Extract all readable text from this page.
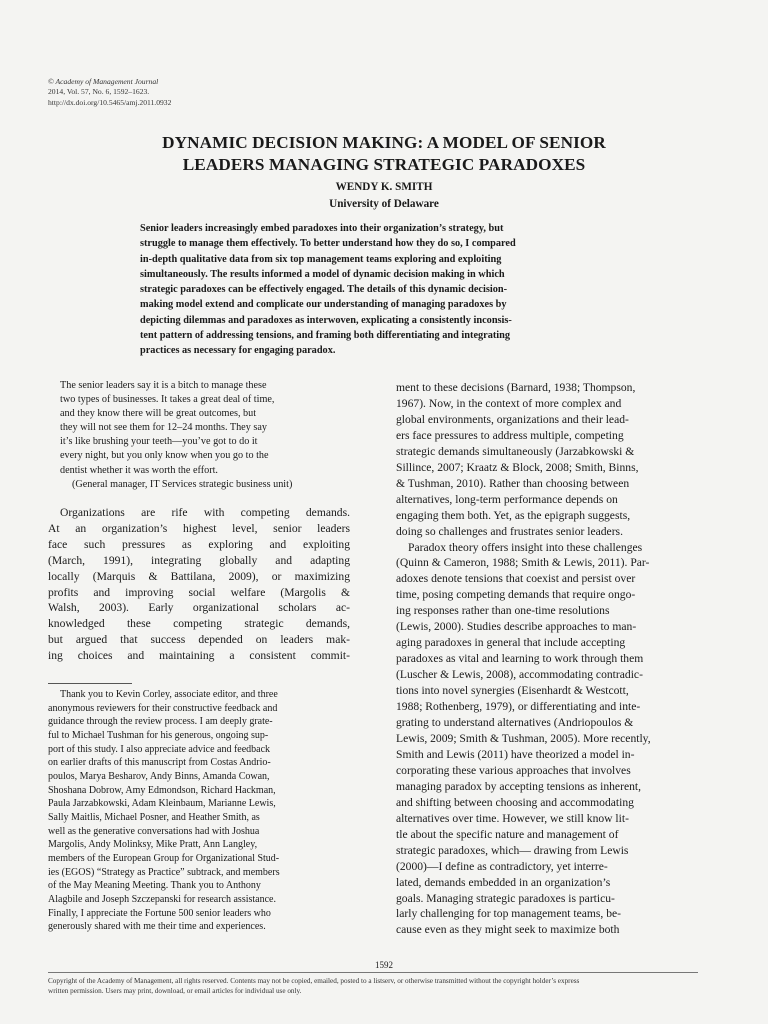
© Academy of Management Journal
2014, Vol. 57, No. 6, 1592–1623.
http://dx.doi.org/10.5465/amj.2011.0932
DYNAMIC DECISION MAKING: A MODEL OF SENIOR
LEADERS MANAGING STRATEGIC PARADOXES
WENDY K. SMITH
University of Delaware
Senior leaders increasingly embed paradoxes into their organization’s strategy, but
struggle to manage them effectively. To better understand how they do so, I compared
in-depth qualitative data from six top management teams exploring and exploiting
simultaneously. The results informed a model of dynamic decision making in which
strategic paradoxes can be effectively engaged. The details of this dynamic decision-
making model extend and complicate our understanding of managing paradoxes by
depicting dilemmas and paradoxes as interwoven, explicating a consistently inconsis-
tent pattern of addressing tensions, and framing both differentiating and integrating
practices as necessary for engaging paradox.
The senior leaders say it is a bitch to manage these
two types of businesses. It takes a great deal of time,
and they know there will be great outcomes, but
they will not see them for 12–24 months. They say
it’s like brushing your teeth—you’ve got to do it
every night, but you only know when you go to the
dentist whether it was worth the effort.
(General manager, IT Services strategic business unit)
Organizations are rife with competing demands.
At an organization’s highest level, senior leaders
face such pressures as exploring and exploiting
(March, 1991), integrating globally and adapting
locally (Marquis & Battilana, 2009), or maximizing
profits and improving social welfare (Margolis &
Walsh, 2003). Early organizational scholars ac-
knowledged these competing strategic demands,
but argued that success depended on leaders mak-
ing choices and maintaining a consistent commit-
Thank you to Kevin Corley, associate editor, and three
anonymous reviewers for their constructive feedback and
guidance through the review process. I am deeply grate-
ful to Michael Tushman for his generous, ongoing sup-
port of this study. I also appreciate advice and feedback
on earlier drafts of this manuscript from Costas Andrio-
poulos, Marya Besharov, Andy Binns, Amanda Cowan,
Shoshana Dobrow, Amy Edmondson, Richard Hackman,
Paula Jarzabkowski, Adam Kleinbaum, Marianne Lewis,
Sally Maitlis, Michael Posner, and Heather Smith, as
well as the generative conversations had with Joshua
Margolis, Andy Molinksy, Mike Pratt, Ann Langley,
members of the European Group for Organizational Stud-
ies (EGOS) “Strategy as Practice” subtrack, and members
of the May Meaning Meeting. Thank you to Anthony
Alagbile and Joseph Szczepanski for research assistance.
Finally, I appreciate the Fortune 500 senior leaders who
generously shared with me their time and experiences.
ment to these decisions (Barnard, 1938; Thompson,
1967). Now, in the context of more complex and
global environments, organizations and their lead-
ers face pressures to address multiple, competing
strategic demands simultaneously (Jarzabkowski &
Sillince, 2007; Kraatz & Block, 2008; Smith, Binns,
& Tushman, 2010). Rather than choosing between
alternatives, long-term performance depends on
engaging them both. Yet, as the epigraph suggests,
doing so challenges and frustrates senior leaders.
Paradox theory offers insight into these challenges
(Quinn & Cameron, 1988; Smith & Lewis, 2011). Par-
adoxes denote tensions that coexist and persist over
time, posing competing demands that require ongo-
ing responses rather than one-time resolutions
(Lewis, 2000). Studies describe approaches to man-
aging paradoxes in general that include accepting
paradoxes as vital and learning to work through them
(Luscher & Lewis, 2008), accommodating contradic-
tions into novel synergies (Eisenhardt & Westcott,
1988; Rothenberg, 1979), or differentiating and inte-
grating to understand alternatives (Andriopoulos &
Lewis, 2009; Smith & Tushman, 2005). More recently,
Smith and Lewis (2011) have theorized a model in-
corporating these various approaches that involves
managing paradox by accepting tensions as inherent,
and shifting between choosing and accommodating
alternatives over time. However, we still know lit-
tle about the specific nature and management of
strategic paradoxes, which— drawing from Lewis
(2000)—I define as contradictory, yet interre-
lated, demands embedded in an organization’s
goals. Managing strategic paradoxes is particu-
larly challenging for top management teams, be-
cause even as they might seek to maximize both
1592
Copyright of the Academy of Management, all rights reserved. Contents may not be copied, emailed, posted to a listserv, or otherwise transmitted without the copyright holder’s express
written permission. Users may print, download, or email articles for individual use only.
